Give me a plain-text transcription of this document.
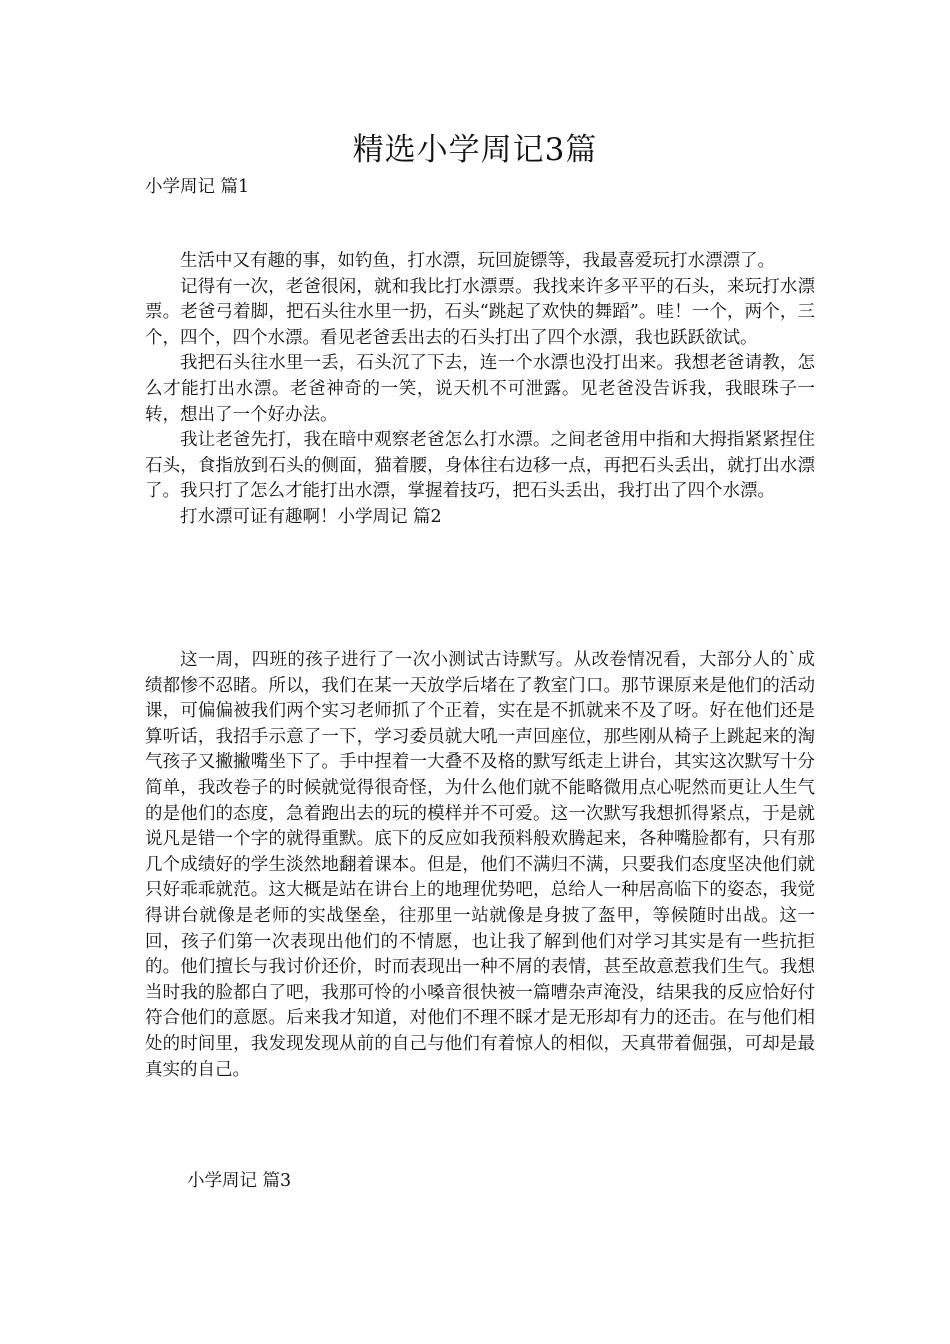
精选小学周记3篇
小学周记 篇1

生活中又有趣的事，如钓鱼，打水漂，玩回旋镖等，我最喜爱玩打水漂漂了。

记得有一次，老爸很闲，就和我比打水漂票。我找来许多平平的石头，来玩打水漂票。老爸弓着脚，把石头往水里一扔，石头“跳起了欢快的舞蹈”。哇！一个，两个，三个，四个，四个水漂。看见老爸丢出去的石头打出了四个水漂，我也跃跃欲试。

我把石头往水里一丢，石头沉了下去，连一个水漂也没打出来。我想老爸请教，怎么才能打出水漂。老爸神奇的一笑，说天机不可泄露。见老爸没告诉我，我眼珠子一转，想出了一个好办法。

我让老爸先打，我在暗中观察老爸怎么打水漂。之间老爸用中指和大拇指紧紧捏住石头，食指放到石头的侧面，猫着腰，身体往右边移一点，再把石头丢出，就打出水漂了。我只打了怎么才能打出水漂，掌握着技巧，把石头丢出，我打出了四个水漂。

打水漂可证有趣啊！小学周记 篇2

这一周，四班的孩子进行了一次小测试古诗默写。从改卷情况看，大部分人的`成绩都惨不忍睹。所以，我们在某一天放学后堵在了教室门口。那节课原来是他们的活动课，可偏偏被我们两个实习老师抓了个正着，实在是不抓就来不及了呀。好在他们还是算听话，我招手示意了一下，学习委员就大吼一声回座位，那些刚从椅子上跳起来的淘气孩子又撇撇嘴坐下了。手中捏着一大叠不及格的默写纸走上讲台，其实这次默写十分简单，我改卷子的时候就觉得很奇怪，为什么他们就不能略微用点心呢然而更让人生气的是他们的态度，急着跑出去的玩的模样并不可爱。这一次默写我想抓得紧点，于是就说凡是错一个字的就得重默。底下的反应如我预料般欢腾起来，各种嘴脸都有，只有那几个成绩好的学生淡然地翻着课本。但是，他们不满归不满，只要我们态度坚决他们就只好乖乖就范。这大概是站在讲台上的地理优势吧，总给人一种居高临下的姿态，我觉得讲台就像是老师的实战堡垒，往那里一站就像是身披了盔甲，等候随时出战。这一回，孩子们第一次表现出他们的不情愿，也让我了解到他们对学习其实是有一些抗拒的。他们擅长与我讨价还价，时而表现出一种不屑的表情，甚至故意惹我们生气。我想当时我的脸都白了吧，我那可怜的小嗓音很快被一篇嘈杂声淹没，结果我的反应恰好付符合他们的意愿。后来我才知道，对他们不理不睬才是无形却有力的还击。在与他们相处的时间里，我发现发现从前的自己与他们有着惊人的相似，天真带着倔强，可却是最真实的自己。

小学周记 篇3
